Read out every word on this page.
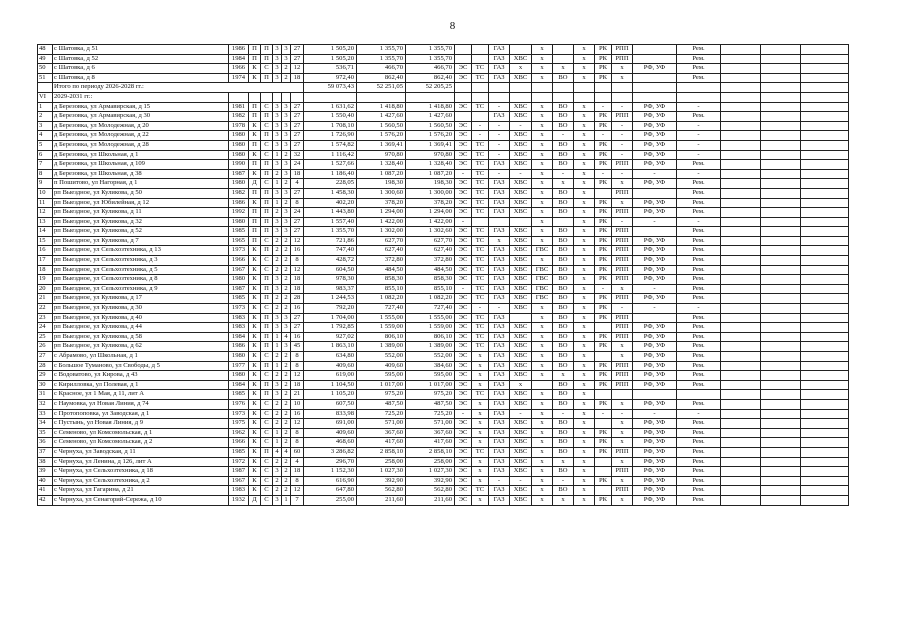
8
48	с Шатовка, д 51	1986	П	П	3	3	27	1 505,20	1 355,70	1 355,70			ГАЗ		х		х	РК	РПП		Рем.			
49	с Шатовка, д 52	1984	П	П	3	3	27	1 505,20	1 355,70	1 355,70			ГАЗ	ХВС	х		х	РК	РПП		Рем.			
50	с Шатовка, д 6	1966	К	С	3	2	12	536,71	466,70	466,70	ЭС	ТС	ГАЗ	х	х	х	х	РК	х	РФ, УФ	Рем.			
51	с Шатовка, д 8	1974	К	П	3	2	18	972,40	862,40	862,40	ЭС	ТС	ГАЗ	ХВС	х	ВО	х	РК	х		Рем.			
	Итого по периоду 2026-2028 гг.:							59 073,43	52 251,05	52 205,25														
VI	2029-2031 гг.:																							
1	д Березовка, ул Армавирская, д 15	1981	П	С	3	3	27	1 631,62	1 418,80	1 418,80	ЭС	ТС	-	ХВС	х	ВО	х	-	-	РФ, УФ	-			
2	д Березовка, ул Армавирская, д 30	1982	П	П	3	3	27	1 550,40	1 427,60	1 427,60			ГАЗ	ХВС	х	ВО	х	РК	РПП	РФ, УФ	Рем.			
3	д Березовка, ул Молодежная, д 20	1978	К	С	3	3	27	1 708,10	1 560,50	1 560,50	ЭС	-	-	-	х	ВО	х	РК	-	РФ, УФ	-			
4	д Березовка, ул Молодежная, д 22	1980	К	П	3	3	27	1 726,90	1 576,20	1 576,20	ЭС	-	-	ХВС	х	-	х	-	-	РФ, УФ	-			
5	д Березовка, ул Молодежная, д 28	1980	П	С	3	3	27	1 574,82	1 369,41	1 369,41	ЭС	ТС	-	ХВС	х	ВО	х	РК	-	РФ, УФ	-			
6	д Березовка, ул Школьная, д 1	1980	К	С	1	2	32	1 116,42	970,80	970,80	ЭС	ТС	-	ХВС	х	ВО	х	РК	-	РФ, УФ	-			
7	д Березовка, ул Школьная, д 109	1990	П	П	3	3	24	1 527,66	1 328,40	1 328,40	ЭС	ТС	ГАЗ	ХВС	х	ВО	х	РК	РПП	РФ, УФ	Рем.			
8	д Березовка, ул Школьная, д 38	1987	К	П	2	3	18	1 186,40	1 087,20	1 087,20	-	ТС	-	-	х	-	х	-	-	-	-			
9	п Пошитово, ул Нагорная, д 1	1980	Д	С	1	2	4	228,05	198,30	198,30	ЭС	ТС	ГАЗ	ХВС	х	х	х	РК	х	РФ, УФ	Рем.			
10	рп Выездное, ул Куликова, д 50	1982	П	П	3	3	27	1 458,30	1 300,60	1 300,00	ЭС	ТС	ГАЗ	ХВС	х	ВО	х		РПП		Рем.			
11	рп Выездное, ул Юбилейная, д 12	1986	К	П	1	2	8	402,20	378,20	378,20	ЭС	ТС	ГАЗ	ХВС	х	ВО	х	РК	х	РФ, УФ	Рем.			
12	рп Выездное, ул Куликова, д 11	1992	П	П	2	3	24	1 443,80	1 294,00	1 294,00	ЭС	ТС	ГАЗ	ХВС	х	ВО	х	РК	РПП	РФ, УФ	Рем.			
13	рп Выездное, ул Куликова, д 32	1980	П	П	3	3	27	1 557,40	1 422,00	1 422,00	-				х		х	РК	-	-	-			
14	рп Выездное, ул Куликова, д 52	1985	П	П	3	3	27	1 355,70	1 302,00	1 302,60	ЭС	ТС	ГАЗ	ХВС	х	ВО	х	РК	РПП		Рем.			
15	рп Выездное, ул Куликова, д 7	1965	П	С	2	2	12	721,86	627,70	627,70	ЭС	ТС	х	ХВС	х	ВО	х	РК	РПП	РФ, УФ	Рем.			
16	рп Выездное, ул Сельхозтехника, д 13	1973	К	П	2	2	16	747,40	627,40	627,40	ЭС	ТС	ГАЗ	ХВС	ГВС	ВО	х	РК	РПП	РФ, УФ	Рем.			
17	рп Выездное, ул Сельхозтехника, д 3	1966	К	С	2	2	8	428,72	372,80	372,80	ЭС	ТС	ГАЗ	ХВС	х	ВО	х	РК	РПП	РФ, УФ	Рем.			
18	рп Выездное, ул Сельхозтехника, д 5	1967	К	С	2	2	12	604,50	484,50	484,50	ЭС	ТС	ГАЗ	ХВС	ГВС	ВО	х	РК	РПП	РФ, УФ	Рем.			
19	рп Выездное, ул Сельхозтехника, д 8	1980	К	П	3	2	18	978,30	858,30	858,30	ЭС	ТС	ГАЗ	ХВС	ГВС	ВО	х	РК	РПП	РФ, УФ	Рем.			
20	рп Выездное, ул Сельхозтехника, д 9	1987	К	П	3	2	18	983,37	855,10	855,10	-	ТС	ГАЗ	ХВС	ГВС	ВО	х	-	х	-	Рем.			
21	рп Выездное, ул Куликова, д 17	1985	К	П	2	2	28	1 244,53	1 082,20	1 082,20	ЭС	ТС	ГАЗ	ХВС	ГВС	ВО	х	РК	РПП	РФ, УФ	Рем.			
22	рп Выездное, ул Куликова, д 30	1973	К	С	2	2	16	792,20	727,40	727,40	ЭС	-	-	ХВС	х	ВО	х	РК	-	-	-			
23	рп Выездное, ул Куликова, д 40	1983	К	П	3	3	27	1 704,00	1 555,00	1 555,00	ЭС	ТС	ГАЗ		х	ВО	х	РК	РПП		Рем.			
24	рп Выездное, ул Куликова, д 44	1983	К	П	3	3	27	1 792,85	1 559,00	1 559,00	ЭС	ТС	ГАЗ	ХВС	х	ВО	х		РПП	РФ, УФ	Рем.			
25	рп Выездное, ул Куликова, д 58	1984	К	П	1	4	16	927,02	806,10	806,10	ЭС	ТС	ГАЗ	ХВС	х	ВО	х	РК	РПП	РФ, УФ	Рем.			
26	рп Выездное, ул Куликова, д 62	1986	К	П	1	3	45	1 863,10	1 389,00	1 389,00	ЭС	ТС	ГАЗ	ХВС	х	ВО	х	РК	х	РФ, УФ	Рем.			
27	с Абрамово, ул Школьная, д 1	1980	К	С	2	2	8	634,80	552,00	552,00	ЭС	х	ГАЗ	ХВС	х	ВО	х		х	РФ, УФ	Рем.			
28	с Большое Туманово, ул Свободы, д 5	1977	К	П	1	2	8	409,60	409,60	384,60	ЭС	х	ГАЗ	ХВС	х	ВО	х	РК	РПП	РФ, УФ	Рем.			
29	с Водоватово, ул Кирова, д 43	1980	К	С	2	2	12	619,00	595,00	595,00	ЭС	х	ГАЗ	ХВС	х	х	х	РК	РПП	РФ, УФ	Рем.			
30	с Кирилловка, ул Полевая, д 1	1984	К	П	3	2	18	1 104,50	1 017,00	1 017,00	ЭС	х	ГАЗ	х		ВО	х	РК	РПП	РФ, УФ	Рем.			
31	с Красное, ул 1 Мая, д 11, лит А	1985	К	П	3	2	21	1 105,20	975,20	975,20	ЭС	ТС	ГАЗ	ХВС	х	ВО	х							
32	с Наумовка, ул Новая Линия, д 74	1976	К	С	2	2	10	607,50	487,50	487,50	ЭС	х	ГАЗ	ХВС	х	ВО	х	РК	х	РФ, УФ	Рем.			
33	с Протопоповка, ул Заводская, д 1	1973	К	С	2	2	16	833,98	725,20	725,20	-	х	ГАЗ	-	х	-	х	-	-	-	-			
34	с Пустынь, ул Новая Линия, д 9	1975	К	С	2	2	12	691,00	571,00	571,00	ЭС	х	ГАЗ	ХВС	х	ВО	х		х	РФ, УФ	Рем.			
35	с Семеново, ул Комсомольская, д 1	1962	К	С	1	2	8	409,60	367,60	367,60	ЭС	х	ГАЗ	ХВС	х	ВО	х	РК	х	РФ, УФ	Рем.			
36	с Семеново, ул Комсомольская, д 2	1966	К	С	1	2	8	468,60	417,60	417,60	ЭС	х	ГАЗ	ХВС	х	ВО	х	РК	х	РФ, УФ	Рем.			
37	с Чернуха, ул Заводская, д 11	1985	К	П	4	4	60	3 286,82	2 858,10	2 858,10	ЭС	ТС	ГАЗ	ХВС	х	ВО	х	РК	РПП	РФ, УФ	Рем.			
38	с Чернуха, ул Ленина, д 126, лит А	1972	К	С	2	2	4	296,70	258,00	258,00	ЭС	х	ГАЗ	ХВС	х	х	х		х	РФ, УФ	Рем.			
39	с Чернуха, ул Сельхозтехника, д 18	1987	К	С	3	2	18	1 152,30	1 027,30	1 027,30	ЭС	х	ГАЗ	ХВС	х	ВО	х		РПП	РФ, УФ	Рем.			
40	с Чернуха, ул Сельхозтехника, д 2	1967	К	С	2	2	8	616,90	392,90	392,90	ЭС	х	-	-	х	-	х	РК	х	РФ, УФ	Рем.			
41	с Чернуха, ул Гагарина, д 21	1983	К	С	2	2	12	647,80	562,80	562,80	ЭС	ТС	ГАЗ	ХВС	х	ВО	х		РПП	РФ, УФ	Рем.			
42	с Чернуха, ул Сенагорий-Сережа, д 10	1932	Д	С	3	1	7	255,00	211,60	211,60	ЭС	х	ГАЗ	ХВС	х	х	х	РК	х	РФ, УФ	Рем.			
